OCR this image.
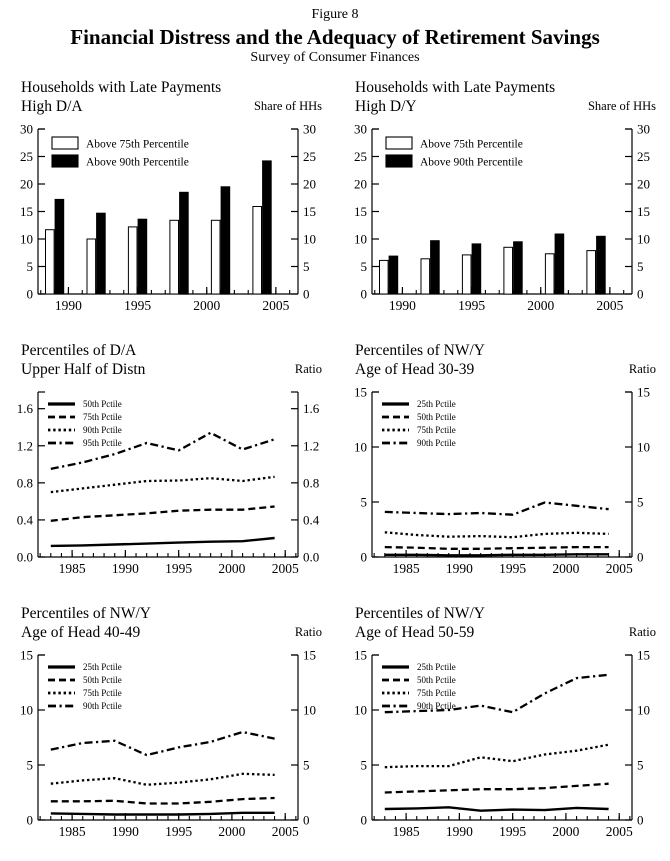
Figure 8
Financial Distress and the Adequacy of Retirement Savings
Survey of Consumer Finances
Households with Late Payments
High D/A	Share of HHs
0	0
5	5
10	10
15	15
20	20
25	25
30	30
1990	1995	2000	2005
Above 75th Percentile
Above 90th Percentile
Households with Late Payments
High D/Y	Share of HHs
0	0
5	5
10	10
15	15
20	20
25	25
30	30
1990	1995	2000	2005
Above 75th Percentile
Above 90th Percentile
Percentiles of D/A
Upper Half of Distn	Ratio
0.0	0.0
0.4	0.4
0.8	0.8
1.2	1.2
1.6	1.6
1985 1990 1995 2000 2005
50th Pctile
75th Pctile
90th Pctile
95th Pctile
Percentiles of NW/Y
Age of Head 30-39	Ratio
0	0
5	5
10	10
15	15
1985 1990 1995 2000 2005
25th Pctile
50th Pctile
75th Pctile
90th Pctile
Percentiles of NW/Y
Age of Head 40-49	Ratio
0	0
5	5
10	10
15	15
1985 1990 1995 2000 2005
25th Pctile
50th Pctile
75th Pctile
90th Pctile
Percentiles of NW/Y
Age of Head 50-59	Ratio
0	0
5	5
10	10
15	15
1985 1990 1995 2000 2005
25th Pctile
50th Pctile
75th Pctile
90th Pctile
